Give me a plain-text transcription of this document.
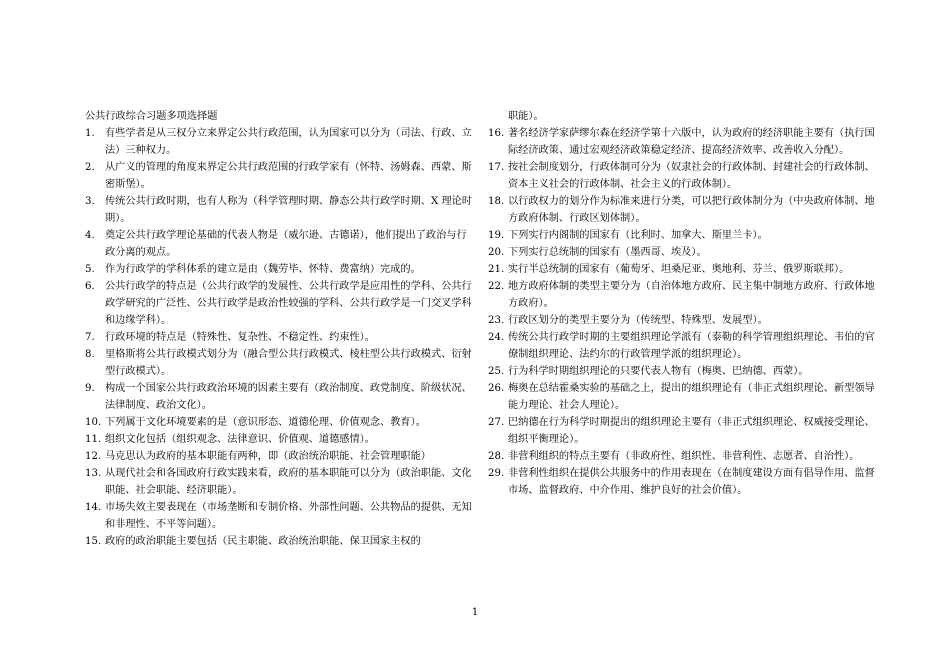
公共行政综合习题多项选择题

1. 有些学者是从三权分立来界定公共行政范围，认为国家可以分为（司法、行政、立法）三种权力。
2. 从广义的管理的角度来界定公共行政范围的行政学家有（怀特、汤姆森、西蒙、斯密斯堡）。
3. 传统公共行政时期，也有人称为（科学管理时期、静态公共行政学时期、X 理论时期）。
4. 奠定公共行政学理论基础的代表人物是（威尔逊、古德诺），他们提出了政治与行政分离的观点。
5. 作为行政学的学科体系的建立是由（魏劳毕、怀特、费富纳）完成的。
6. 公共行政学的特点是（公共行政学的发展性、公共行政学是应用性的学科、公共行政学研究的广泛性、公共行政学是政治性较强的学科、公共行政学是一门交叉学科和边缘学科）。
7. 行政环境的特点是（特殊性、复杂性、不稳定性、约束性）。
8. 里格斯将公共行政模式划分为（融合型公共行政模式、棱柱型公共行政模式、衍射型行政模式）。
9. 构成一个国家公共行政政治环境的因素主要有（政治制度、政党制度、阶级状况、法律制度、政治文化）。
10. 下列属于文化环境要素的是（意识形态、道德伦理、价值观念、教育）。
11. 组织文化包括（组织观念、法律意识、价值观、道德感情）。
12. 马克思认为政府的基本职能有两种，即（政治统治职能、社会管理职能）
13. 从现代社会和各国政府行政实践来看，政府的基本职能可以分为（政治职能、文化职能、社会职能、经济职能）。
14. 市场失效主要表现在（市场垄断和专制价格、外部性问题、公共物品的提供、无知和非理性、不平等问题）。
15. 政府的政治职能主要包括（民主职能、政治统治职能、保卫国家主权的

职能）。

16. 著名经济学家萨缪尔森在经济学第十六版中，认为政府的经济职能主要有（执行国际经济政策、通过宏观经济政策稳定经济、提高经济效率、改善收入分配）。
17. 按社会制度划分，行政体制可分为（奴隶社会的行政体制、封建社会的行政体制、资本主义社会的行政体制、社会主义的行政体制）。
18. 以行政权力的划分作为标准来进行分类，可以把行政体制分为（中央政府体制、地方政府体制、行政区划体制）。
19. 下列实行内阁制的国家有（比利时、加拿大、斯里兰卡）。
20. 下列实行总统制的国家有（墨西哥、埃及）。
21. 实行半总统制的国家有（葡萄牙、坦桑尼亚、奥地利、芬兰、俄罗斯联邦）。
22. 地方政府体制的类型主要分为（自治体地方政府、民主集中制地方政府、行政体地方政府）。
23. 行政区划分的类型主要分为（传统型、特殊型、发展型）。
24. 传统公共行政学时期的主要组织理论学派有（泰勒的科学管理组织理论、韦伯的官僚制组织理论、法约尔的行政管理学派的组织理论）。
25. 行为科学时期组织理论的只要代表人物有（梅奥、巴纳德、西蒙）。
26. 梅奥在总结霍桑实验的基础之上，提出的组织理论有（非正式组织理论、新型领导能力理论、社会人理论）。
27. 巴纳德在行为科学时期提出的组织理论主要有（非正式组织理论、权威接受理论、组织平衡理论）。
28. 非营利组织的特点主要有（非政府性、组织性、非营利性、志愿者、自治性）。
29. 非营利性组织在提供公共服务中的作用表现在（在制度建设方面有倡导作用、监督市场、监督政府、中介作用、维护良好的社会价值）。
1
